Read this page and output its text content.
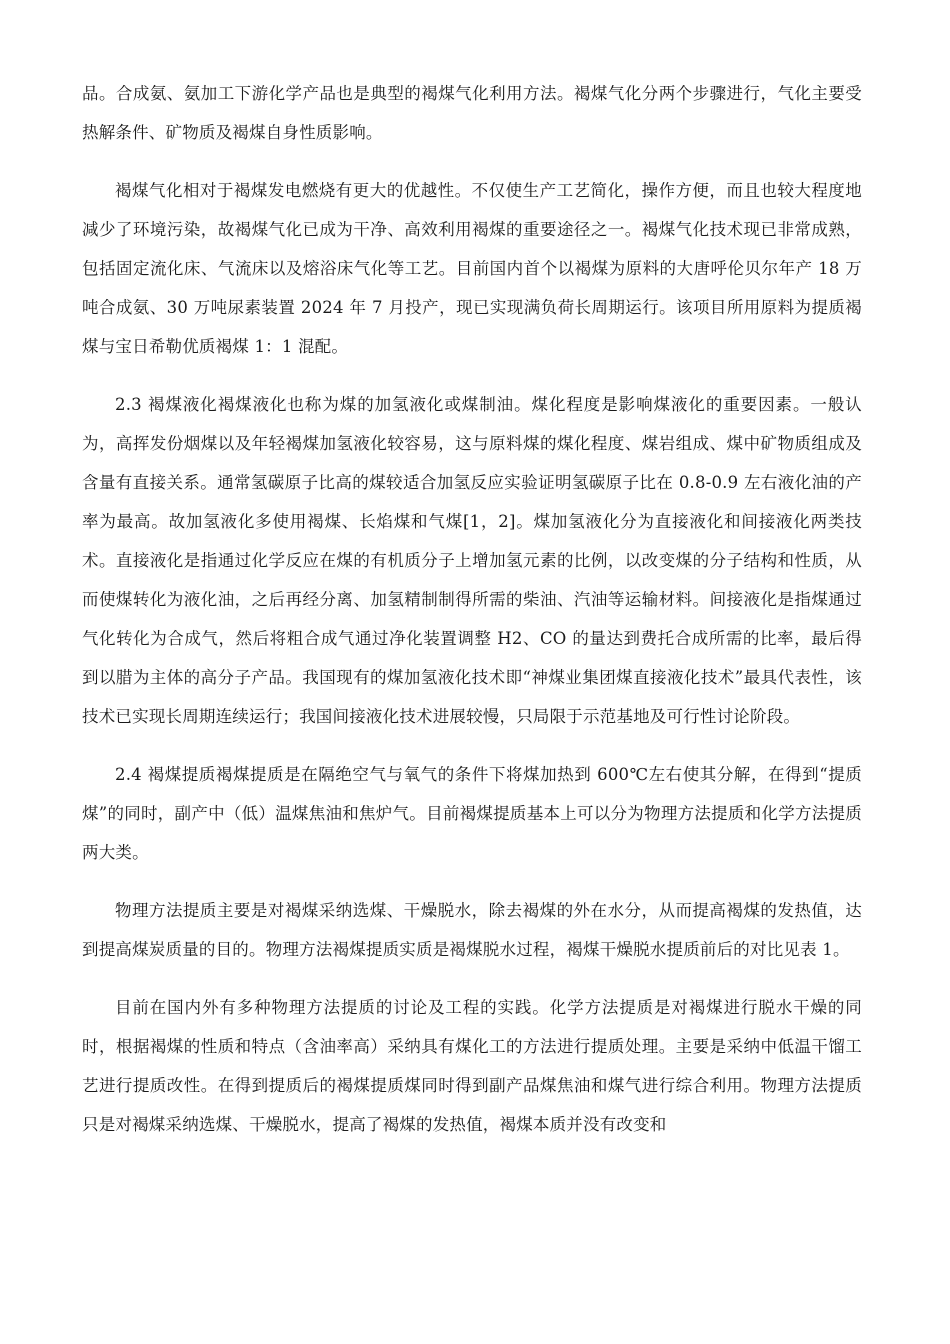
品。合成氨、氨加工下游化学产品也是典型的褐煤气化利用方法。褐煤气化分两个步骤进行，气化主要受热解条件、矿物质及褐煤自身性质影响。

褐煤气化相对于褐煤发电燃烧有更大的优越性。不仅使生产工艺简化，操作方便，而且也较大程度地减少了环境污染，故褐煤气化已成为干净、高效利用褐煤的重要途径之一。褐煤气化技术现已非常成熟，包括固定流化床、气流床以及熔浴床气化等工艺。目前国内首个以褐煤为原料的大唐呼伦贝尔年产 18 万吨合成氨、30 万吨尿素装置 2024 年 7 月投产，现已实现满负荷长周期运行。该项目所用原料为提质褐煤与宝日希勒优质褐煤 1：1 混配。

2.3 褐煤液化褐煤液化也称为煤的加氢液化或煤制油。煤化程度是影响煤液化的重要因素。一般认为，高挥发份烟煤以及年轻褐煤加氢液化较容易，这与原料煤的煤化程度、煤岩组成、煤中矿物质组成及含量有直接关系。通常氢碳原子比高的煤较适合加氢反应实验证明氢碳原子比在 0.8-0.9 左右液化油的产率为最高。故加氢液化多使用褐煤、长焰煤和气煤[1，2]。煤加氢液化分为直接液化和间接液化两类技术。直接液化是指通过化学反应在煤的有机质分子上增加氢元素的比例，以改变煤的分子结构和性质，从而使煤转化为液化油，之后再经分离、加氢精制制得所需的柴油、汽油等运输材料。间接液化是指煤通过气化转化为合成气，然后将粗合成气通过净化装置调整 H2、CO 的量达到费托合成所需的比率，最后得到以腊为主体的高分子产品。我国现有的煤加氢液化技术即“神煤业集团煤直接液化技术”最具代表性，该技术已实现长周期连续运行；我国间接液化技术进展较慢，只局限于示范基地及可行性讨论阶段。

2.4 褐煤提质褐煤提质是在隔绝空气与氧气的条件下将煤加热到 600℃左右使其分解，在得到“提质煤”的同时，副产中（低）温煤焦油和焦炉气。目前褐煤提质基本上可以分为物理方法提质和化学方法提质两大类。

物理方法提质主要是对褐煤采纳选煤、干燥脱水，除去褐煤的外在水分，从而提高褐煤的发热值，达到提高煤炭质量的目的。物理方法褐煤提质实质是褐煤脱水过程，褐煤干燥脱水提质前后的对比见表 1。

目前在国内外有多种物理方法提质的讨论及工程的实践。化学方法提质是对褐煤进行脱水干燥的同时，根据褐煤的性质和特点（含油率高）采纳具有煤化工的方法进行提质处理。主要是采纳中低温干馏工艺进行提质改性。在得到提质后的褐煤提质煤同时得到副产品煤焦油和煤气进行综合利用。物理方法提质只是对褐煤采纳选煤、干燥脱水，提高了褐煤的发热值，褐煤本质并没有改变和
